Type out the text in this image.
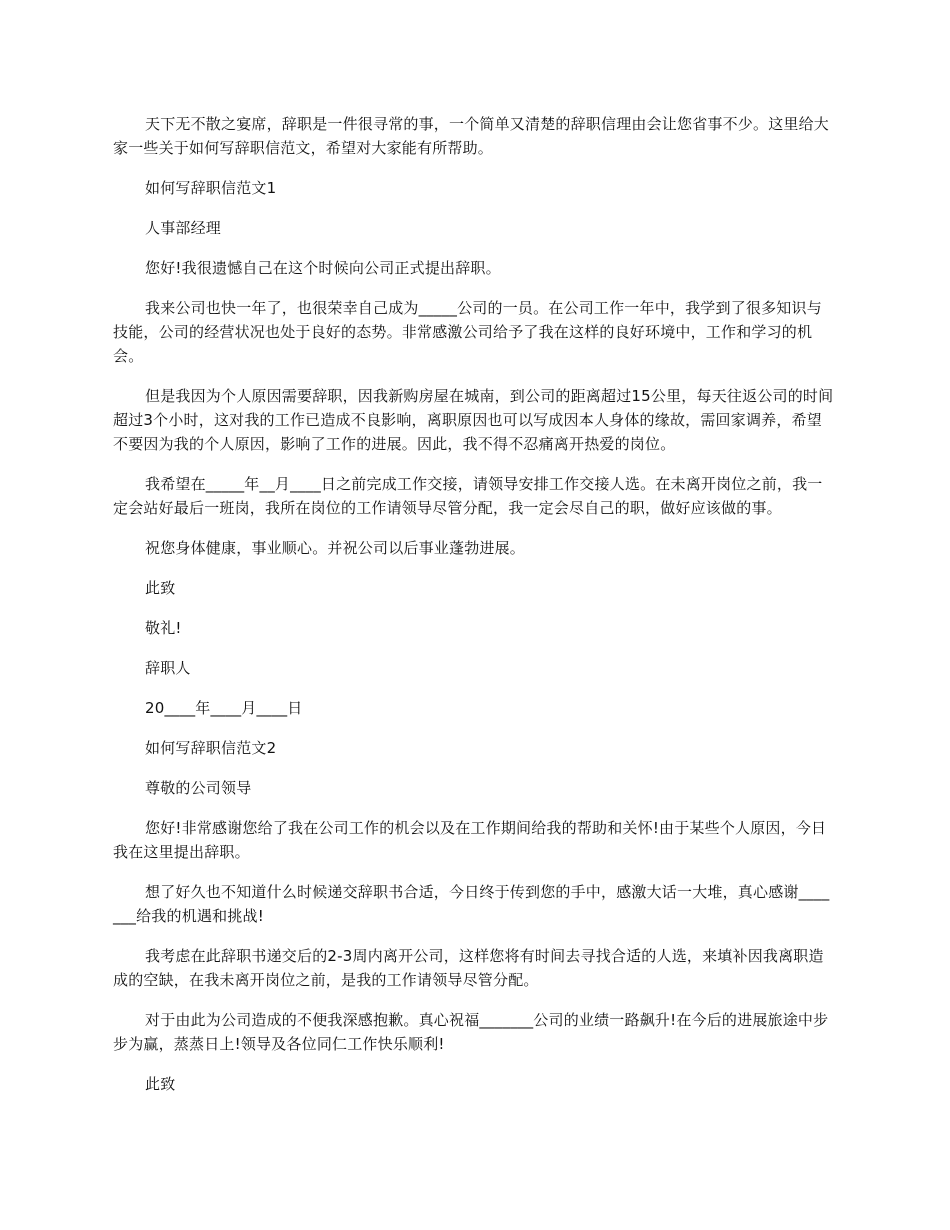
天下无不散之宴席，辞职是一件很寻常的事，一个简单又清楚的辞职信理由会让您省事不少。这里给大家一些关于如何写辞职信范文，希望对大家能有所帮助。

如何写辞职信范文1

人事部经理

您好!我很遗憾自己在这个时候向公司正式提出辞职。

我来公司也快一年了，也很荣幸自己成为_____公司的一员。在公司工作一年中，我学到了很多知识与技能，公司的经营状况也处于良好的态势。非常感激公司给予了我在这样的良好环境中，工作和学习的机会。

但是我因为个人原因需要辞职，因我新购房屋在城南，到公司的距离超过15公里，每天往返公司的时间超过3个小时，这对我的工作已造成不良影响，离职原因也可以写成因本人身体的缘故，需回家调养，希望不要因为我的个人原因，影响了工作的进展。因此，我不得不忍痛离开热爱的岗位。

我希望在_____年__月____日之前完成工作交接，请领导安排工作交接人选。在未离开岗位之前，我一定会站好最后一班岗，我所在岗位的工作请领导尽管分配，我一定会尽自己的职，做好应该做的事。

祝您身体健康，事业顺心。并祝公司以后事业蓬勃进展。

此致

敬礼!

辞职人

20____年____月____日

如何写辞职信范文2

尊敬的公司领导

您好!非常感谢您给了我在公司工作的机会以及在工作期间给我的帮助和关怀!由于某些个人原因，今日我在这里提出辞职。

想了好久也不知道什么时候递交辞职书合适，今日终于传到您的手中，感激大话一大堆，真心感谢_______给我的机遇和挑战!

我考虑在此辞职书递交后的2-3周内离开公司，这样您将有时间去寻找合适的人选，来填补因我离职造成的空缺，在我未离开岗位之前，是我的工作请领导尽管分配。

对于由此为公司造成的不便我深感抱歉。真心祝福_______公司的业绩一路飙升!在今后的进展旅途中步步为赢，蒸蒸日上!领导及各位同仁工作快乐顺利!

此致
